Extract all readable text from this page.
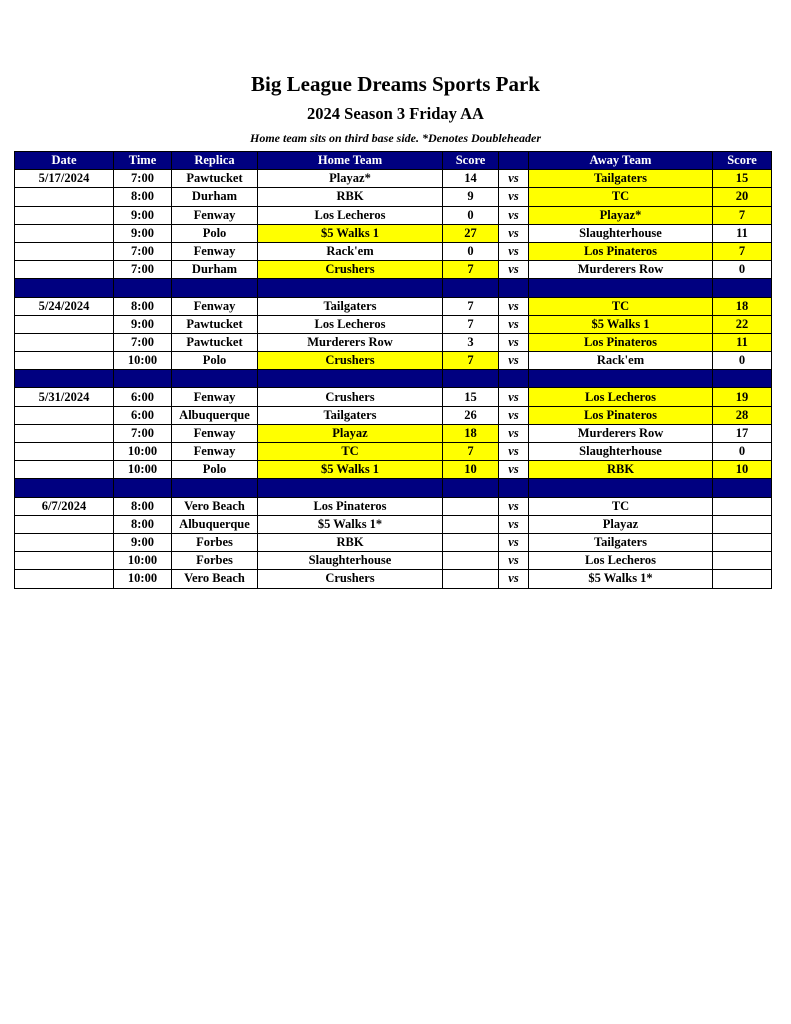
Big League Dreams Sports Park
2024 Season 3 Friday AA
Home team sits on third base side. *Denotes Doubleheader
Date	Time	Replica	Home Team	Score		Away Team	Score
5/17/2024	7:00	Pawtucket	Playaz*	14	vs	Tailgaters	15
	8:00	Durham	RBK	9	vs	TC	20
	9:00	Fenway	Los Lecheros	0	vs	Playaz*	7
	9:00	Polo	$5 Walks 1	27	vs	Slaughterhouse	11
	7:00	Fenway	Rack'em	0	vs	Los Pinateros	7
	7:00	Durham	Crushers	7	vs	Murderers Row	0

5/24/2024	8:00	Fenway	Tailgaters	7	vs	TC	18
	9:00	Pawtucket	Los Lecheros	7	vs	$5 Walks 1	22
	7:00	Pawtucket	Murderers Row	3	vs	Los Pinateros	11
	10:00	Polo	Crushers	7	vs	Rack'em	0

5/31/2024	6:00	Fenway	Crushers	15	vs	Los Lecheros	19
	6:00	Albuquerque	Tailgaters	26	vs	Los Pinateros	28
	7:00	Fenway	Playaz	18	vs	Murderers Row	17
	10:00	Fenway	TC	7	vs	Slaughterhouse	0
	10:00	Polo	$5 Walks 1	10	vs	RBK	10

6/7/2024	8:00	Vero Beach	Los Pinateros		vs	TC	
	8:00	Albuquerque	$5 Walks 1*		vs	Playaz	
	9:00	Forbes	RBK		vs	Tailgaters	
	10:00	Forbes	Slaughterhouse		vs	Los Lecheros	
	10:00	Vero Beach	Crushers		vs	$5 Walks 1*	
